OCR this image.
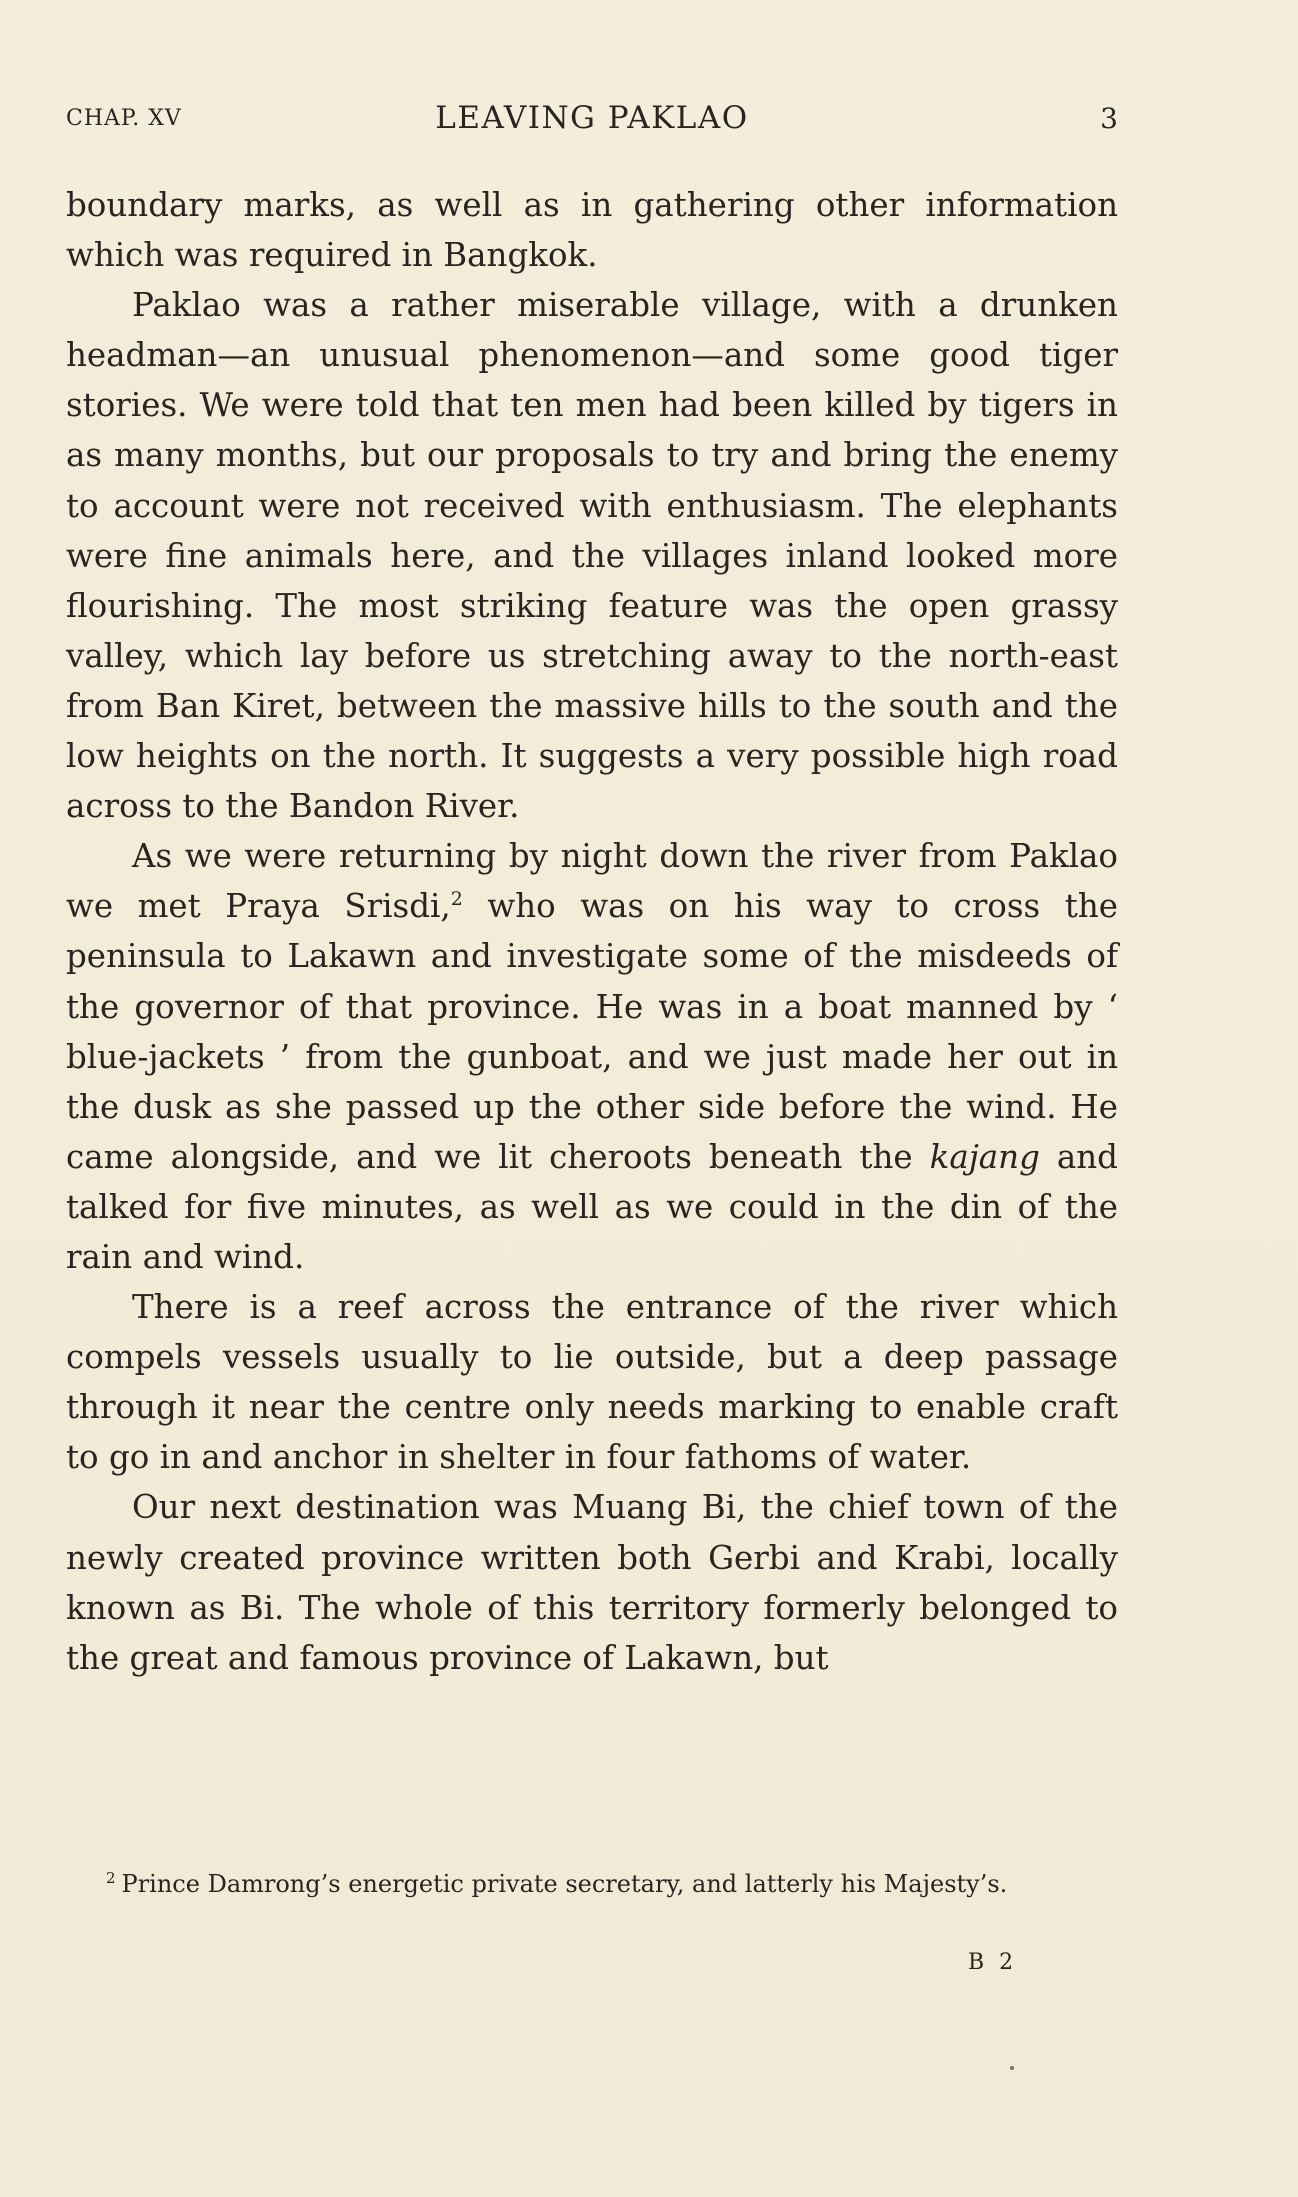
CHAP. XV	LEAVING PAKLAO	3

boundary marks, as well as in gathering other information which was required in Bangkok.

Paklao was a rather miserable village, with a drunken headman—an unusual phenomenon—and some good tiger stories. We were told that ten men had been killed by tigers in as many months, but our proposals to try and bring the enemy to account were not received with enthusiasm. The elephants were fine animals here, and the villages inland looked more flourishing. The most striking feature was the open grassy valley, which lay before us stretching away to the north-east from Ban Kiret, between the massive hills to the south and the low heights on the north. It suggests a very possible high road across to the Bandon River.

As we were returning by night down the river from Paklao we met Praya Srisdi,$^2$ who was on his way to cross the peninsula to Lakawn and investigate some of the misdeeds of the governor of that province. He was in a boat manned by ‘ blue-jackets ’ from the gunboat, and we just made her out in the dusk as she passed up the other side before the wind. He came alongside, and we lit cheroots beneath the kajang and talked for five minutes, as well as we could in the din of the rain and wind.

There is a reef across the entrance of the river which compels vessels usually to lie outside, but a deep passage through it near the centre only needs marking to enable craft to go in and anchor in shelter in four fathoms of water.

Our next destination was Muang Bi, the chief town of the newly created province written both Gerbi and Krabi, locally known as Bi. The whole of this territory formerly belonged to the great and famous province of Lakawn, but

$^2$ Prince Damrong’s energetic private secretary, and latterly his Majesty’s.
B 2
